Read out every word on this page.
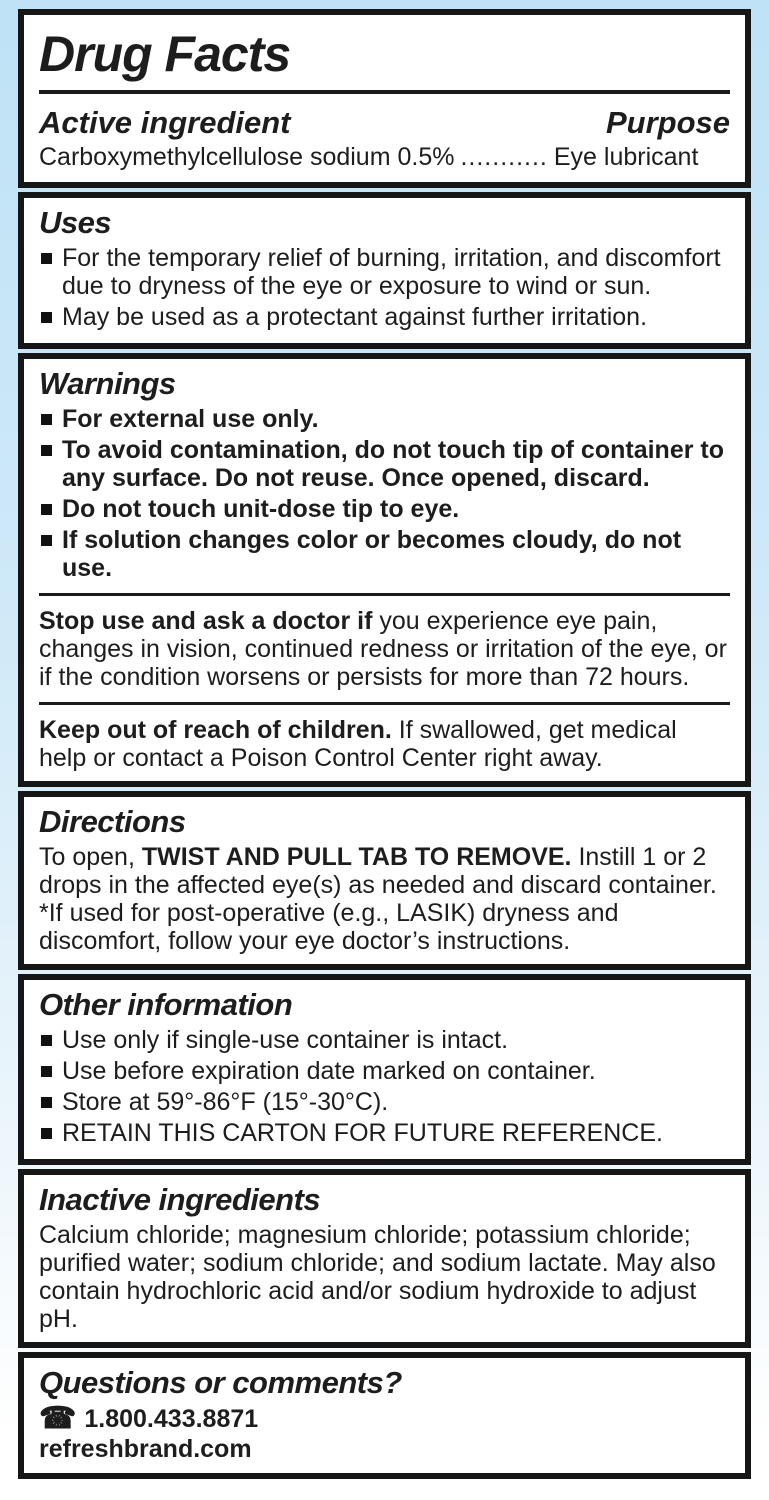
Drug Facts
Active ingredient	Purpose
Carboxymethylcellulose sodium 0.5% ........... Eye lubricant
Uses
For the temporary relief of burning, irritation, and discomfort due to dryness of the eye or exposure to wind or sun.
May be used as a protectant against further irritation.
Warnings
For external use only.
To avoid contamination, do not touch tip of container to any surface. Do not reuse. Once opened, discard.
Do not touch unit-dose tip to eye.
If solution changes color or becomes cloudy, do not use.

Stop use and ask a doctor if you experience eye pain, changes in vision, continued redness or irritation of the eye, or if the condition worsens or persists for more than 72 hours.

Keep out of reach of children. If swallowed, get medical help or contact a Poison Control Center right away.

Directions

To open, TWIST AND PULL TAB TO REMOVE. Instill 1 or 2 drops in the affected eye(s) as needed and discard container.

*If used for post-operative (e.g., LASIK) dryness and discomfort, follow your eye doctor’s instructions.

Other information
Use only if single-use container is intact.
Use before expiration date marked on container.
Store at 59°-86°F (15°-30°C).
RETAIN THIS CARTON FOR FUTURE REFERENCE.
Inactive ingredients

Calcium chloride; magnesium chloride; potassium chloride; purified water; sodium chloride; and sodium lactate. May also contain hydrochloric acid and/or sodium hydroxide to adjust pH.

Questions or comments?
☎ 1.800.433.8871
refreshbrand.com
